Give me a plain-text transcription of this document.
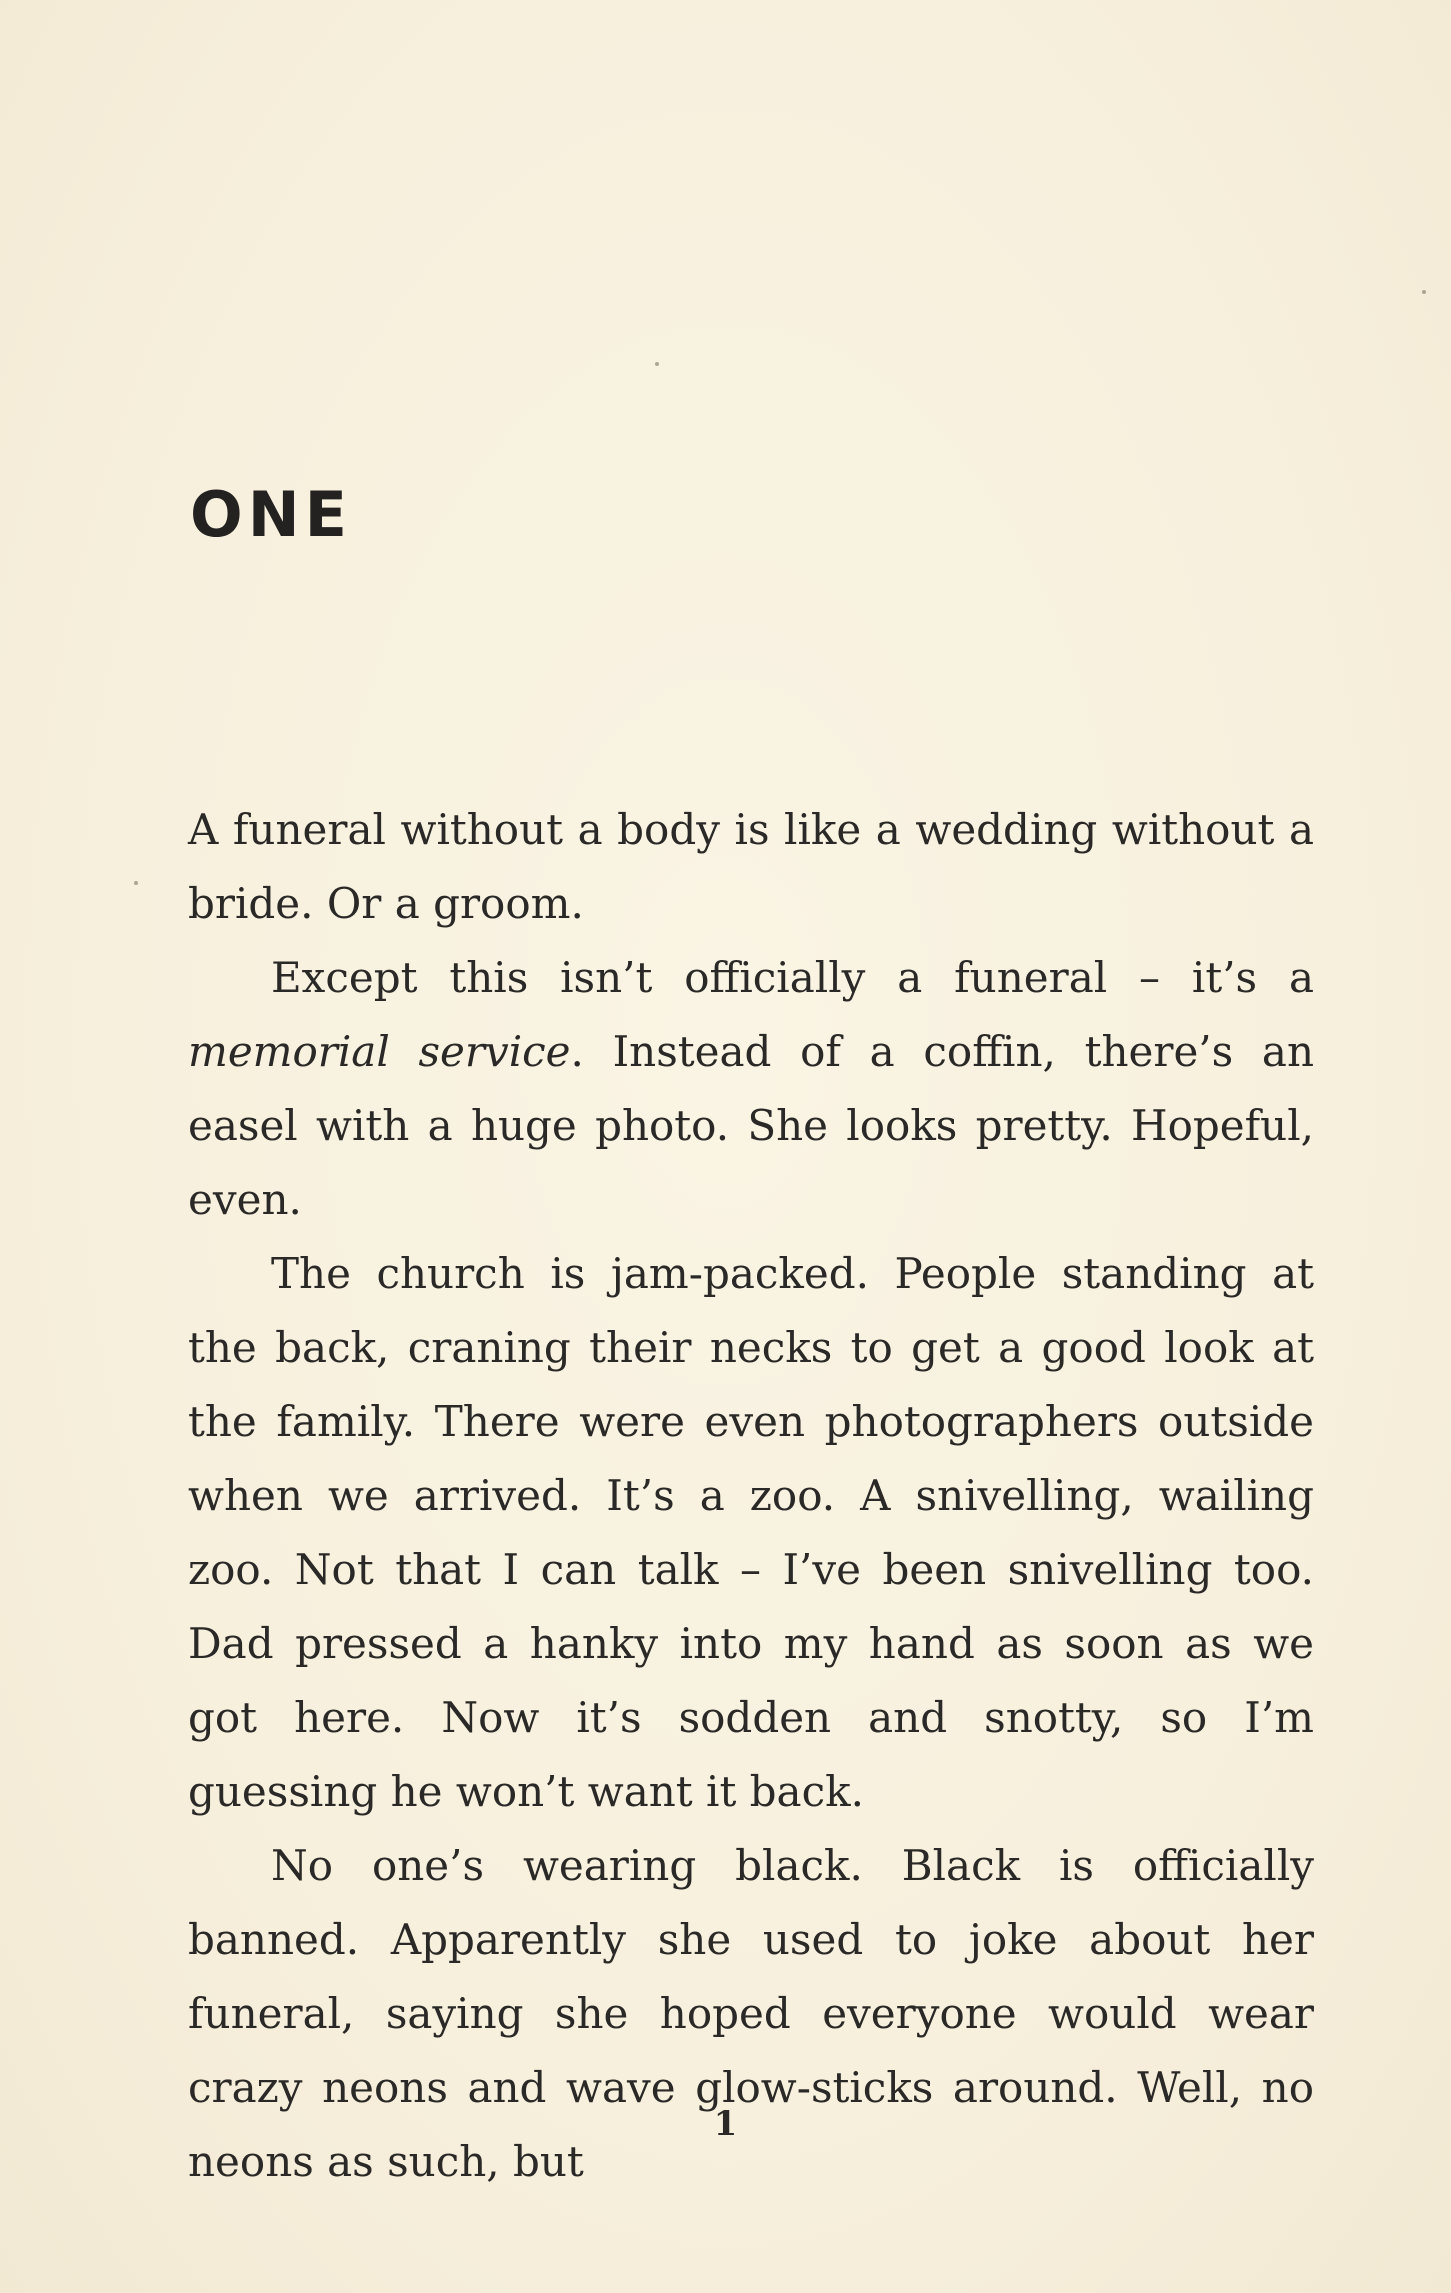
ONE

A funeral without a body is like a wedding without a bride. Or a groom.

Except this isn’t officially a funeral – it’s a memorial service. Instead of a coffin, there’s an easel with a huge photo. She looks pretty. Hopeful, even.

The church is jam-packed. People standing at the back, craning their necks to get a good look at the family. There were even photographers outside when we arrived. It’s a zoo. A snivelling, wailing zoo. Not that I can talk – I’ve been snivelling too. Dad pressed a hanky into my hand as soon as we got here. Now it’s sodden and snotty, so I’m guessing he won’t want it back.

No one’s wearing black. Black is officially banned. Apparently she used to joke about her funeral, saying she hoped everyone would wear crazy neons and wave glow-sticks around. Well, no neons as such, but

1
